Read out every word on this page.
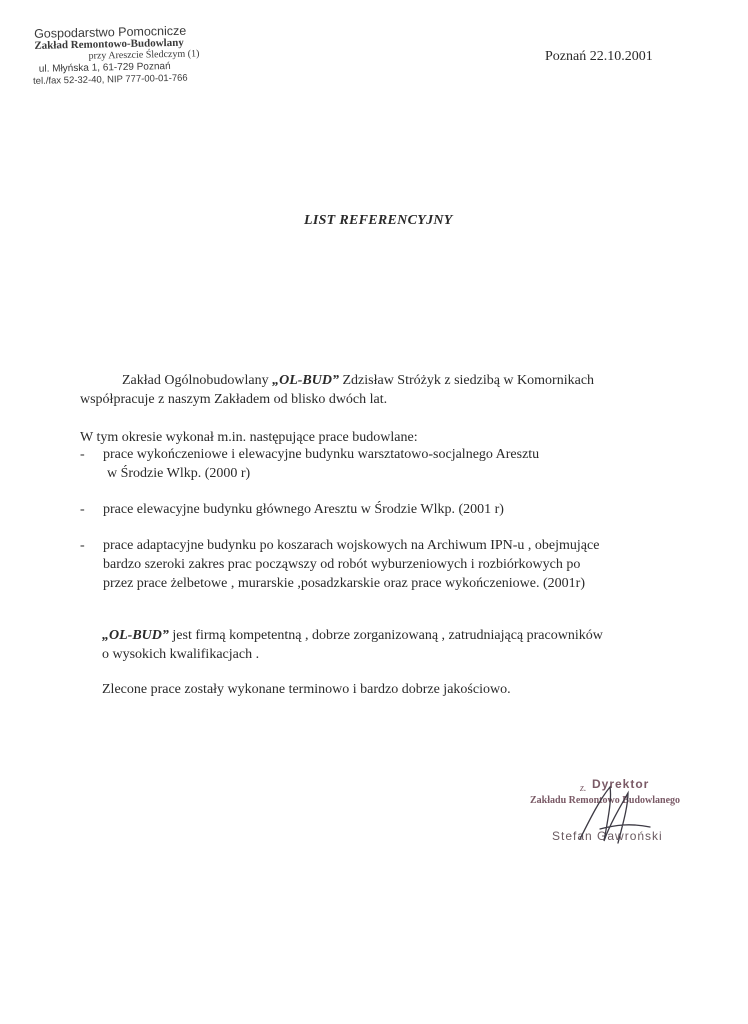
Gospodarstwo Pomocnicze
Zakład Remontowo-Budowlany
przy Areszcie Śledczym (1)
ul. Młyńska 1, 61-729 Poznań
tel./fax 52-32-40, NIP 777-00-01-766
Poznań 22.10.2001
LIST REFERENCYJNY
Zakład Ogólnobudowlany „OL-BUD” Zdzisław Stróżyk z siedzibą w Komornikach
współpracuje z naszym Zakładem od blisko dwóch lat.
W tym okresie wykonał m.in. następujące prace budowlane:
- prace wykończeniowe i elewacyjne budynku warsztatowo-socjalnego Aresztu
w Środzie Wlkp. (2000 r)
- prace elewacyjne budynku głównego Aresztu w Środzie Wlkp. (2001 r)
- prace adaptacyjne budynku po koszarach wojskowych na Archiwum IPN-u , obejmujące
bardzo szeroki zakres prac począwszy od robót wyburzeniowych i rozbiórkowych po
przez prace żelbetowe , murarskie ,posadzkarskie oraz prace wykończeniowe. (2001r)
„OL-BUD” jest firmą kompetentną , dobrze zorganizowaną , zatrudniającą pracowników
o wysokich kwalifikacjach .
Zlecone prace zostały wykonane terminowo i bardzo dobrze jakościowo.
z. Dyrektor
Zakładu Remontowo Budowlanego
Stefan Gawroński
